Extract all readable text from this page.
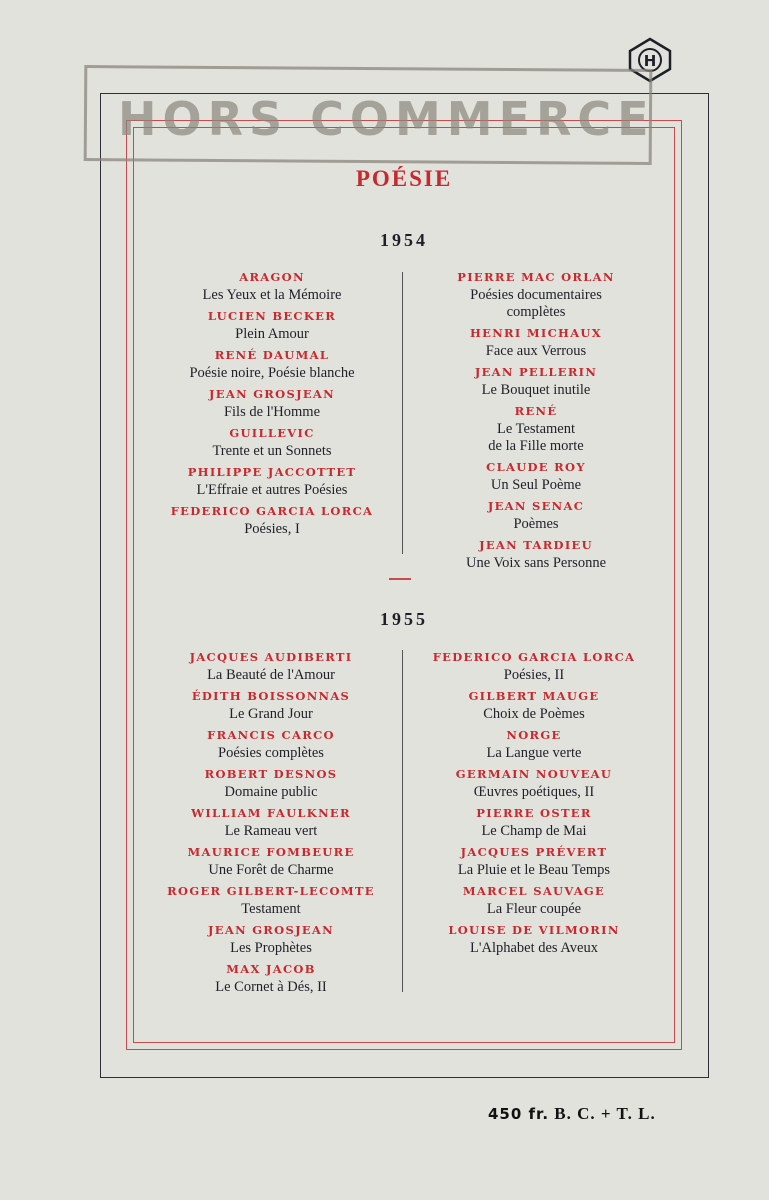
H
HORS COMMERCE
POÉSIE
1954
ARAGON
Les Yeux et la Mémoire
LUCIEN BECKER
Plein Amour
RENÉ DAUMAL
Poésie noire, Poésie blanche
JEAN GROSJEAN
Fils de l'Homme
GUILLEVIC
Trente et un Sonnets
PHILIPPE JACCOTTET
L'Effraie et autres Poésies
FEDERICO GARCIA LORCA
Poésies, I
PIERRE MAC ORLAN
Poésies documentaires
complètes
HENRI MICHAUX
Face aux Verrous
JEAN PELLERIN
Le Bouquet inutile
RENÉ
Le Testament
de la Fille morte
CLAUDE ROY
Un Seul Poème
JEAN SENAC
Poèmes
JEAN TARDIEU
Une Voix sans Personne
1955
JACQUES AUDIBERTI
La Beauté de l'Amour
ÉDITH BOISSONNAS
Le Grand Jour
FRANCIS CARCO
Poésies complètes
ROBERT DESNOS
Domaine public
WILLIAM FAULKNER
Le Rameau vert
MAURICE FOMBEURE
Une Forêt de Charme
ROGER GILBERT-LECOMTE
Testament
JEAN GROSJEAN
Les Prophètes
MAX JACOB
Le Cornet à Dés, II
FEDERICO GARCIA LORCA
Poésies, II
GILBERT MAUGE
Choix de Poèmes
NORGE
La Langue verte
GERMAIN NOUVEAU
Œuvres poétiques, II
PIERRE OSTER
Le Champ de Mai
JACQUES PRÉVERT
La Pluie et le Beau Temps
MARCEL SAUVAGE
La Fleur coupée
LOUISE DE VILMORIN
L'Alphabet des Aveux
450 fr. B. C. + T. L.
